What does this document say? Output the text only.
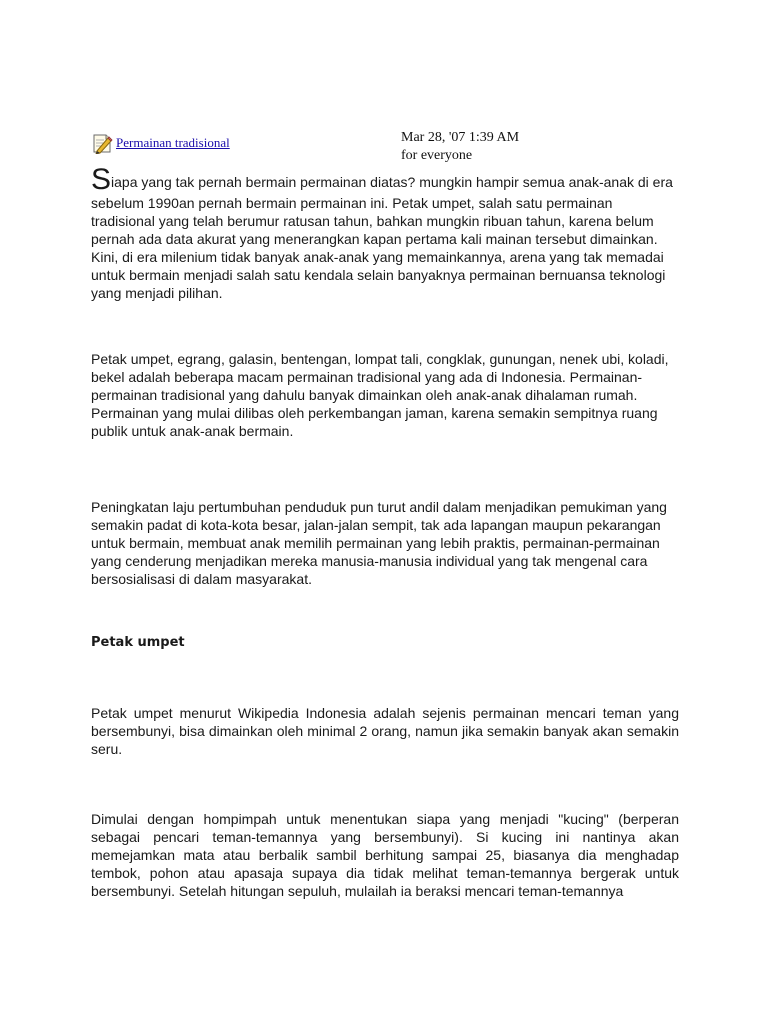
Permainan tradisional	Mar 28, '07 1:39 AM
for everyone

Siapa yang tak pernah bermain permainan diatas? mungkin hampir semua anak-anak di era sebelum 1990an pernah bermain permainan ini. Petak umpet, salah satu permainan tradisional yang telah berumur ratusan tahun, bahkan mungkin ribuan tahun, karena belum pernah ada data akurat yang menerangkan kapan pertama kali mainan tersebut dimainkan. Kini, di era milenium tidak banyak anak-anak yang memainkannya, arena yang tak memadai untuk bermain menjadi salah satu kendala selain banyaknya permainan bernuansa teknologi yang menjadi pilihan.

Petak umpet, egrang, galasin, bentengan, lompat tali, congklak, gunungan, nenek ubi, koladi, bekel adalah beberapa macam permainan tradisional yang ada di Indonesia. Permainan-permainan tradisional yang dahulu banyak dimainkan oleh anak-anak dihalaman rumah. Permainan yang mulai dilibas oleh perkembangan jaman, karena semakin sempitnya ruang publik untuk anak-anak bermain.

Peningkatan laju pertumbuhan penduduk pun turut andil dalam menjadikan pemukiman yang semakin padat di kota-kota besar, jalan-jalan sempit, tak ada lapangan maupun pekarangan untuk bermain, membuat anak memilih permainan yang lebih praktis, permainan-permainan yang cenderung menjadikan mereka manusia-manusia individual yang tak mengenal cara bersosialisasi di dalam masyarakat.

Petak umpet

Petak umpet menurut Wikipedia Indonesia adalah sejenis permainan mencari teman yang bersembunyi, bisa dimainkan oleh minimal 2 orang, namun jika semakin banyak akan semakin seru.

Dimulai dengan hompimpah untuk menentukan siapa yang menjadi "kucing" (berperan sebagai pencari teman-temannya yang bersembunyi). Si kucing ini nantinya akan memejamkan mata atau berbalik sambil berhitung sampai 25, biasanya dia menghadap tembok, pohon atau apasaja supaya dia tidak melihat teman-temannya bergerak untuk bersembunyi. Setelah hitungan sepuluh, mulailah ia beraksi mencari teman-temannya
